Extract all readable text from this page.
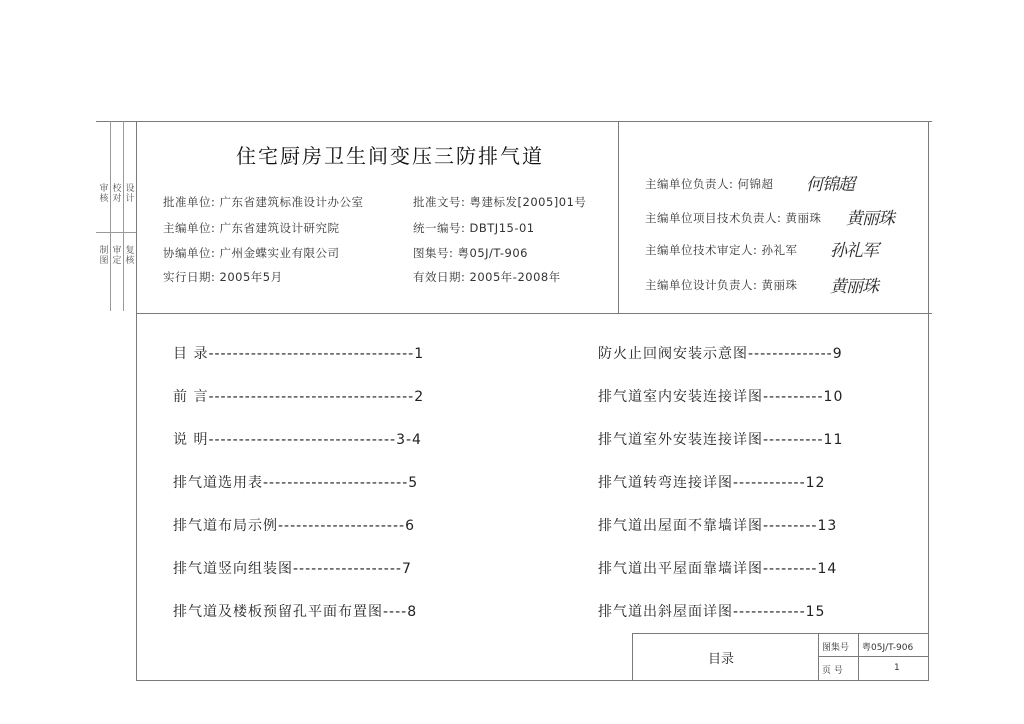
审核
校对
设计
制图
审定
复核
住宅厨房卫生间变压三防排气道
批准单位: 广东省建筑标准设计办公室
主编单位: 广东省建筑设计研究院
协编单位: 广州金蝶实业有限公司
实行日期: 2005年5月
批准文号: 粤建标发[2005]01号
统一编号: DBTJ15-01
图集号: 粤05J/T-906
有效日期: 2005年-2008年
主编单位负责人: 何锦超
主编单位项目技术负责人: 黄丽珠
主编单位技术审定人: 孙礼军
主编单位设计负责人: 黄丽珠
何锦超
黄丽珠
孙礼军
黄丽珠
目 录----------------------------------1
前 言----------------------------------2
说 明-------------------------------3-4
排气道选用表------------------------5
排气道布局示例---------------------6
排气道竖向组装图------------------7
排气道及楼板预留孔平面布置图----8
防火止回阀安装示意图--------------9
排气道室内安装连接详图----------10
排气道室外安装连接详图----------11
排气道转弯连接详图------------12
排气道出屋面不靠墙详图---------13
排气道出平屋面靠墙详图---------14
排气道出斜屋面详图------------15
目录
图集号 粤05J/T-906
页 号	1
